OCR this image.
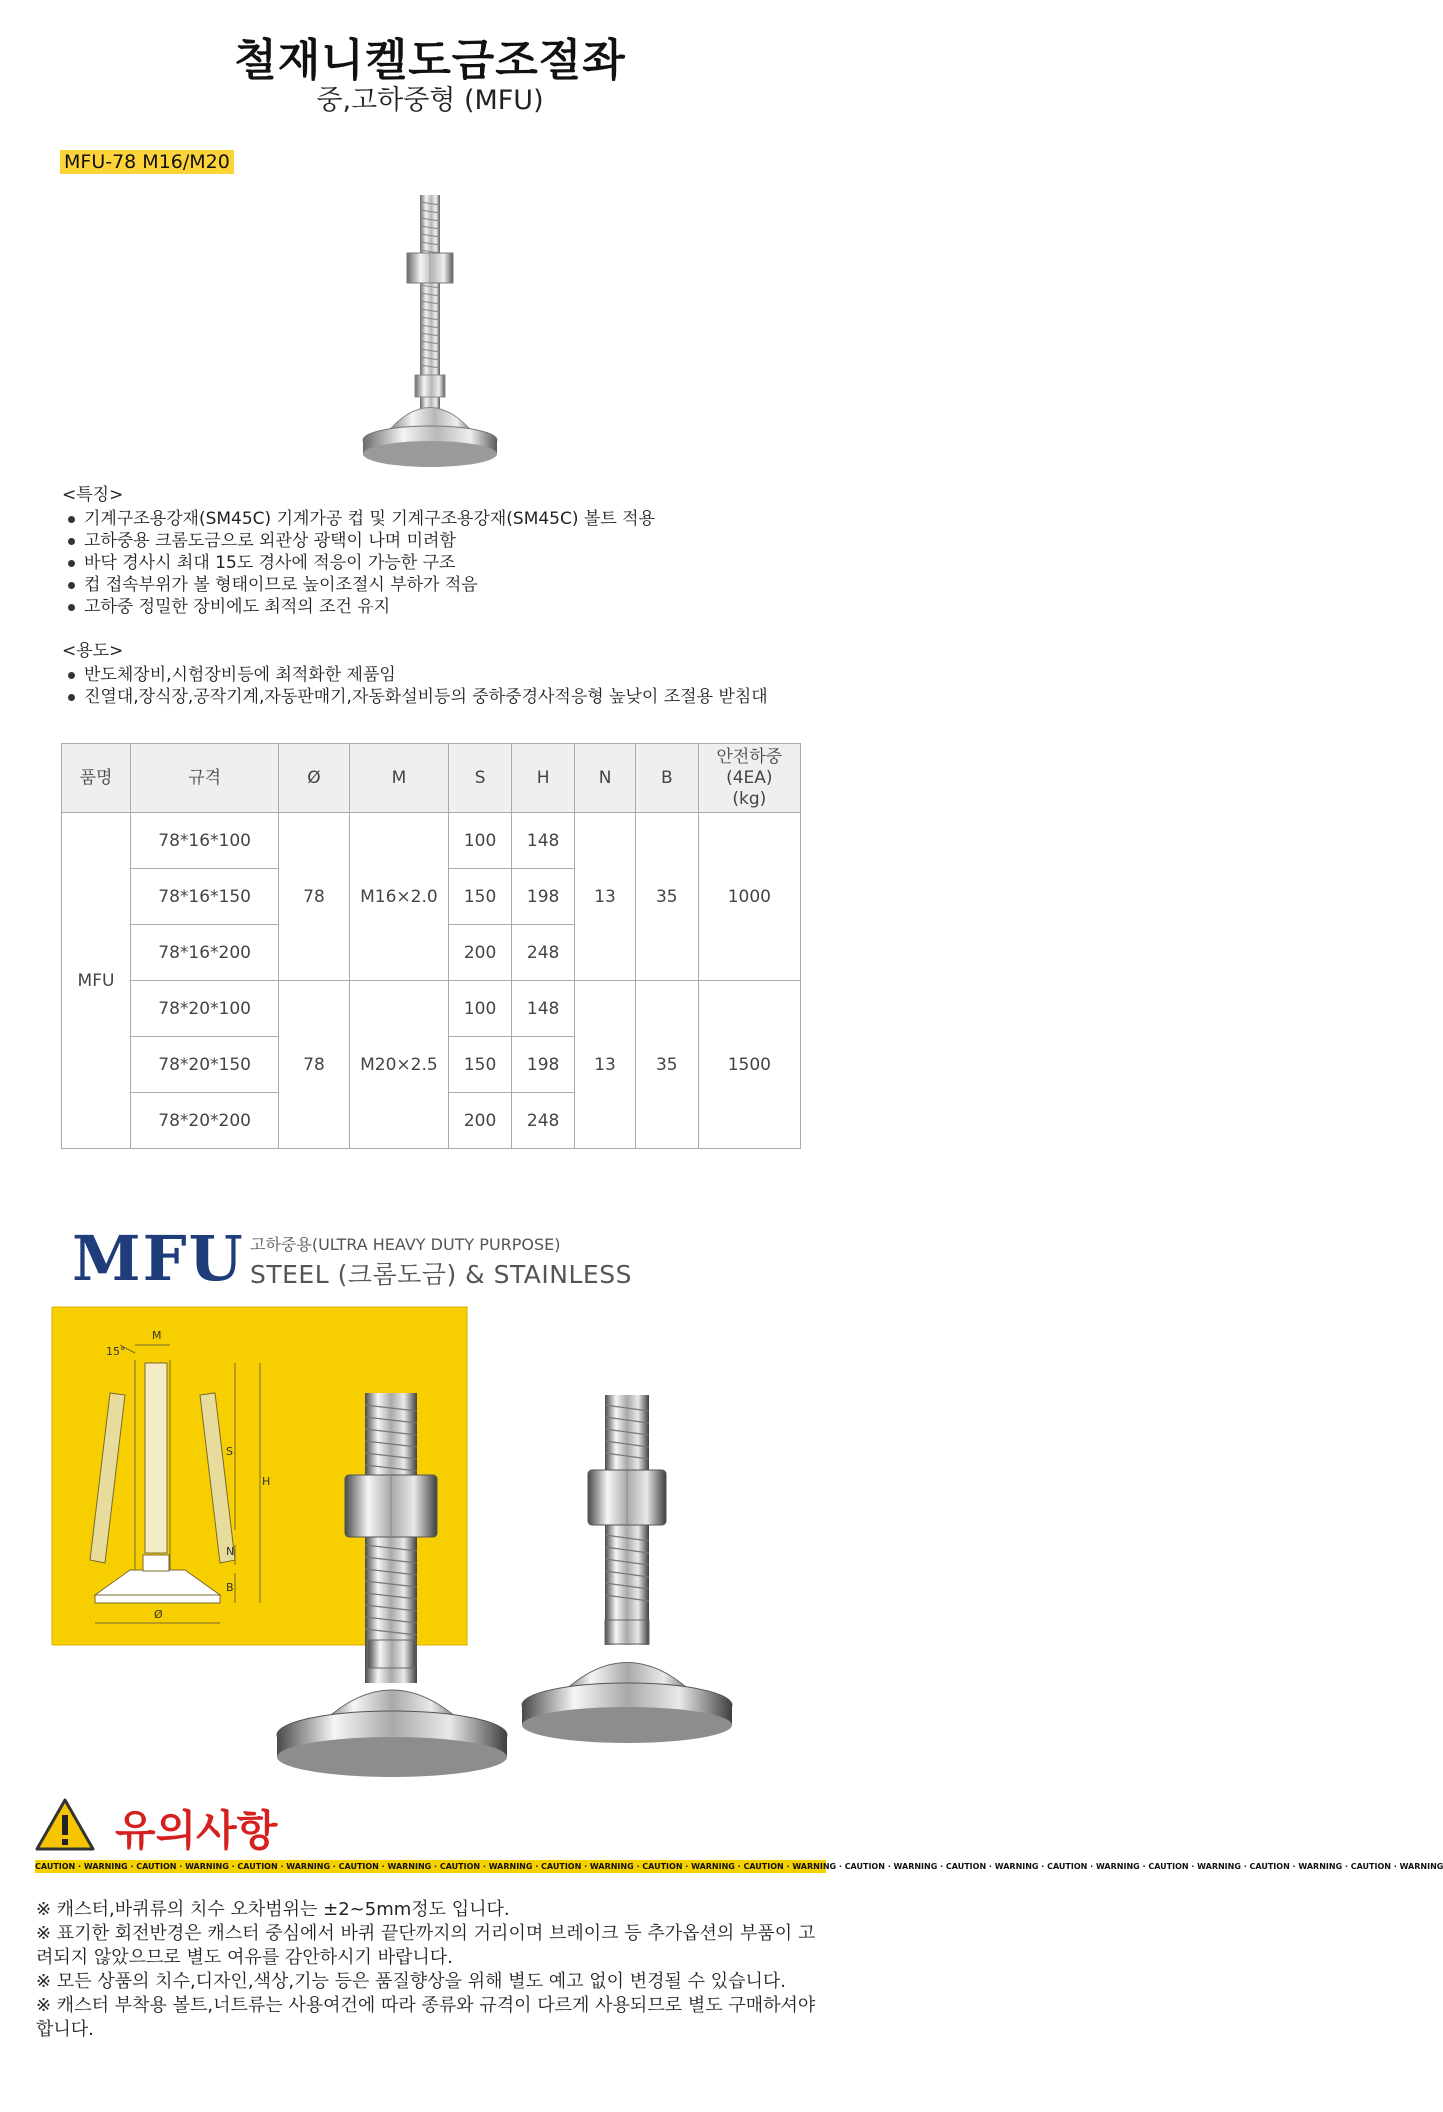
철재니켈도금조절좌
중,고하중형 (MFU)
MFU-78 M16/M20
<특징>
기계구조용강재(SM45C) 기계가공 컵 및 기계구조용강재(SM45C) 볼트 적용
고하중용 크롬도금으로 외관상 광택이 나며 미려함
바닥 경사시 최대 15도 경사에 적응이 가능한 구조
컵 접속부위가 볼 형태이므로 높이조절시 부하가 적음
고하중 정밀한 장비에도 최적의 조건 유지
<용도>
반도체장비,시험장비등에 최적화한 제품임
진열대,장식장,공작기계,자동판매기,자동화설비등의 중하중경사적응형 높낮이 조절용 받침대
품명	규격	Ø	M	S	H	N	B	안전하중
(4EA)
(kg)
MFU	78*16*100	78	M16×2.0	100	148	13	35	1000
	78*16*150			150	198			
	78*16*200			200	248			
	78*20*100	78	M20×2.5	100	148	13	35	1500
	78*20*150			150	198			
	78*20*200			200	248			
MFU 고하중용(ULTRA HEAVY DUTY PURPOSE)
STEEL (크롬도금) & STAINLESS
M
15°
S
H
N
B
Ø
유의사항
CAUTION · WARNING · CAUTION · WARNING · CAUTION · WARNING · CAUTION · WARNING · CAUTION · WARNING · CAUTION · WARNING · CAUTION · WARNING · CAUTION · WARNING · CAUTION · WARNING · CAUTION · WARNING · CAUTION · WARNING · CAUTION · WARNING · CAUTION · WARNING · CAUTION · WARNING

※ 캐스터,바퀴류의 치수 오차범위는 ±2~5mm정도 입니다.

※ 표기한 회전반경은 캐스터 중심에서 바퀴 끝단까지의 거리이며 브레이크 등 추가옵션의 부품이 고려되지 않았으므로 별도 여유를 감안하시기 바랍니다.

※ 모든 상품의 치수,디자인,색상,기능 등은 품질향상을 위해 별도 예고 없이 변경될 수 있습니다.

※ 캐스터 부착용 볼트,너트류는 사용여건에 따라 종류와 규격이 다르게 사용되므로 별도 구매하셔야 합니다.
